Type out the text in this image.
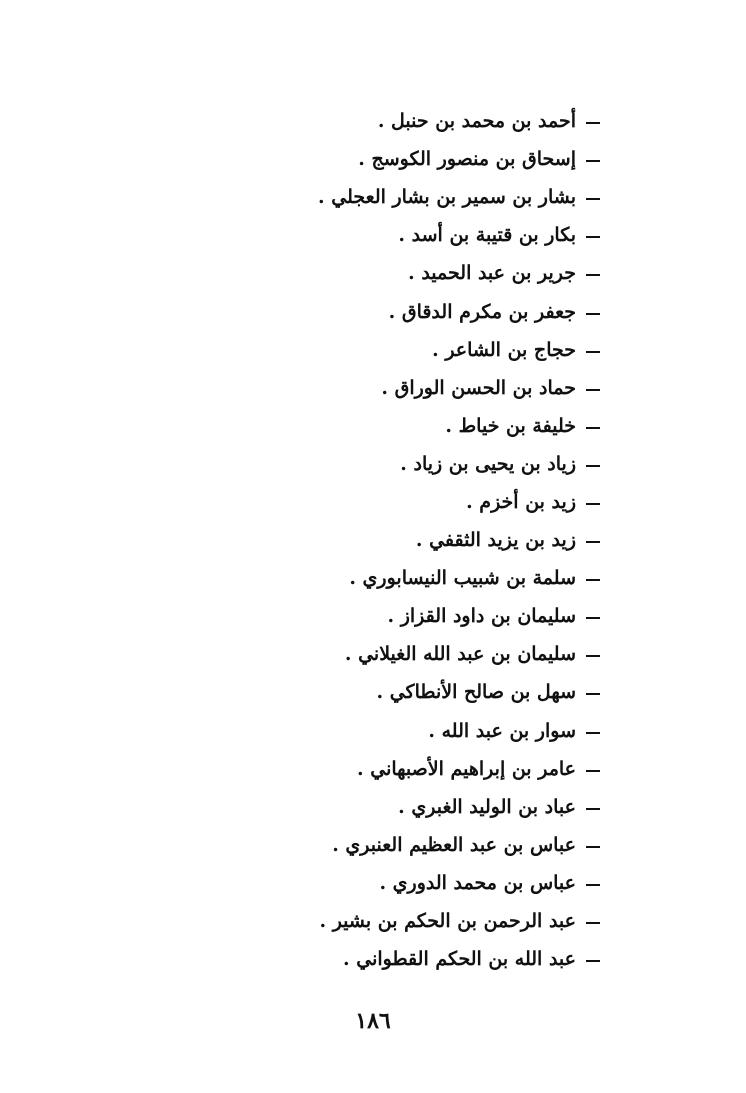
أحمد بن محمد بن حنبل .
إسحاق بن منصور الكوسج .
بشار بن سمير بن بشار العجلي .
بكار بن قتيبة بن أسد .
جرير بن عبد الحميد .
جعفر بن مكرم الدقاق .
حجاج بن الشاعر .
حماد بن الحسن الوراق .
خليفة بن خياط .
زياد بن يحيى بن زياد .
زيد بن أخزم .
زيد بن يزيد الثقفي .
سلمة بن شبيب النيسابوري .
سليمان بن داود القزاز .
سليمان بن عبد الله الغيلاني .
سهل بن صالح الأنطاكي .
سوار بن عبد الله .
عامر بن إبراهيم الأصبهاني .
عباد بن الوليد الغبري .
عباس بن عبد العظيم العنبري .
عباس بن محمد الدوري .
عبد الرحمن بن الحكم بن بشير .
عبد الله بن الحكم القطواني .
١٨٦
